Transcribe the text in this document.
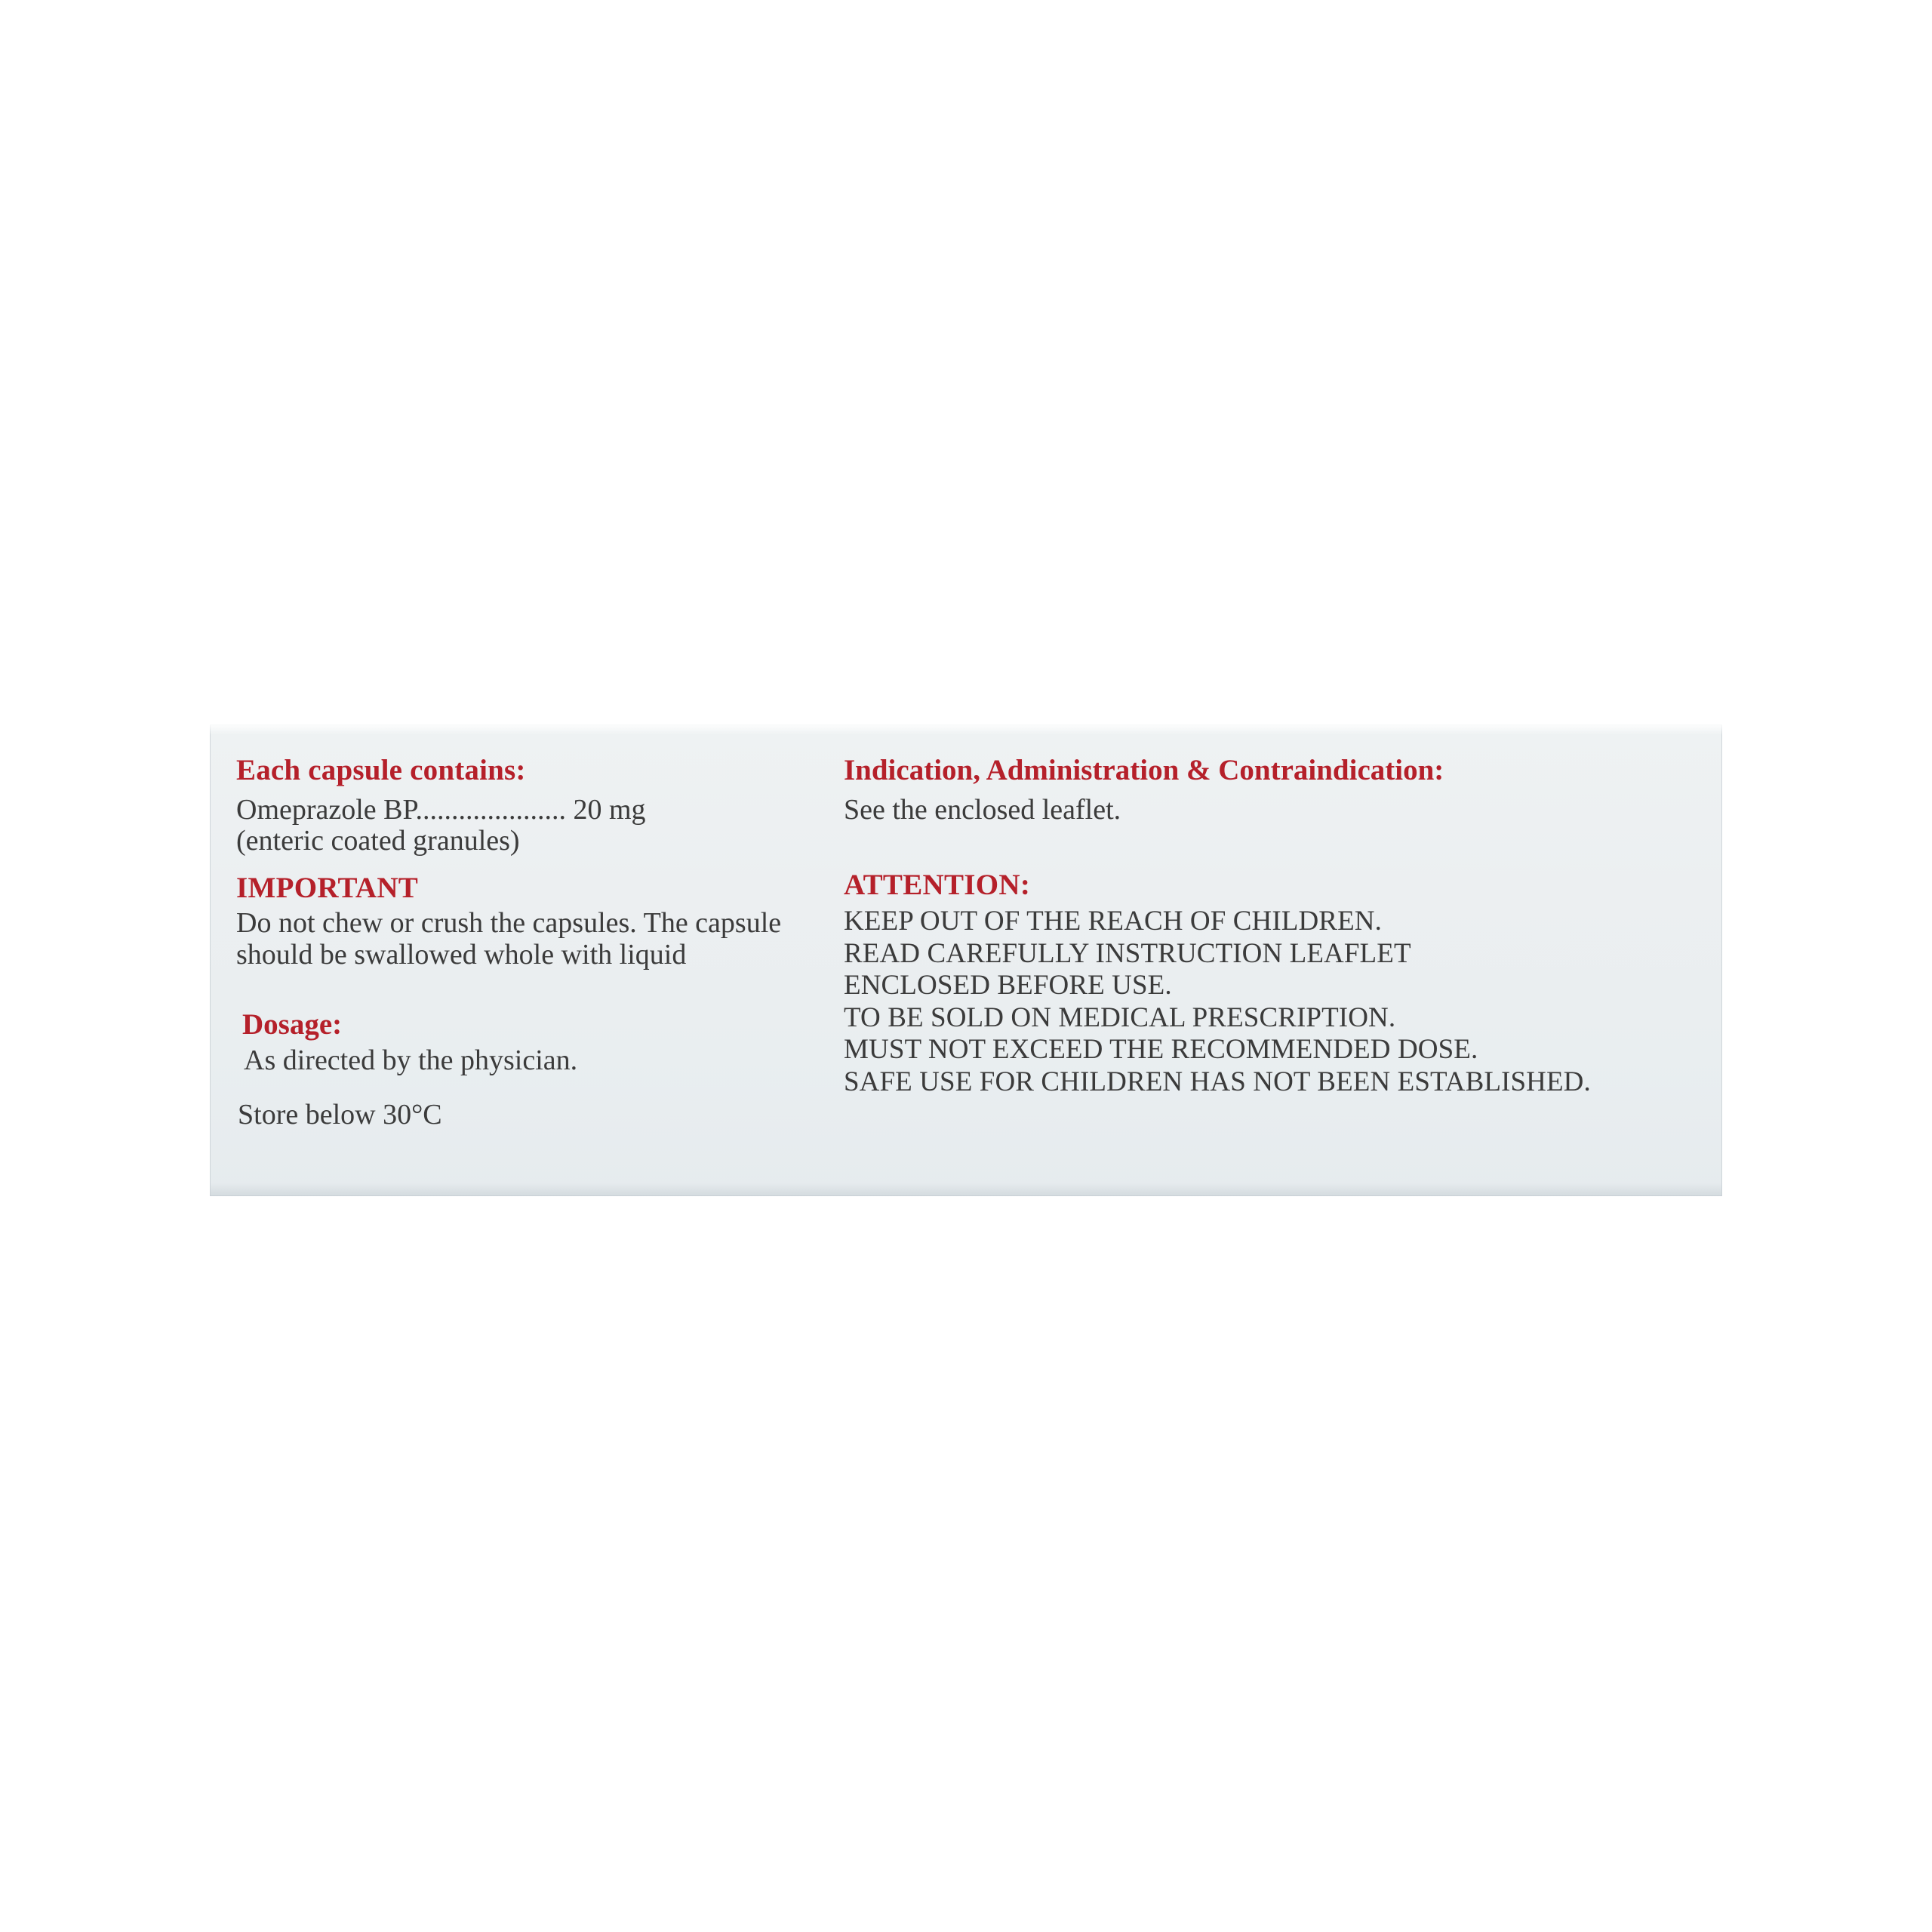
Each capsule contains:
Omeprazole BP..................... 20 mg
(enteric coated granules)
IMPORTANT
Do not chew or crush the capsules. The capsule should be swallowed whole with liquid
Dosage:
As directed by the physician.
Store below 30°C
Indication, Administration & Contraindication:
See the enclosed leaflet.
ATTENTION:
KEEP OUT OF THE REACH OF CHILDREN.
READ CAREFULLY INSTRUCTION LEAFLET
ENCLOSED BEFORE USE.
TO BE SOLD ON MEDICAL PRESCRIPTION.
MUST NOT EXCEED THE RECOMMENDED DOSE.
SAFE USE FOR CHILDREN HAS NOT BEEN ESTABLISHED.
